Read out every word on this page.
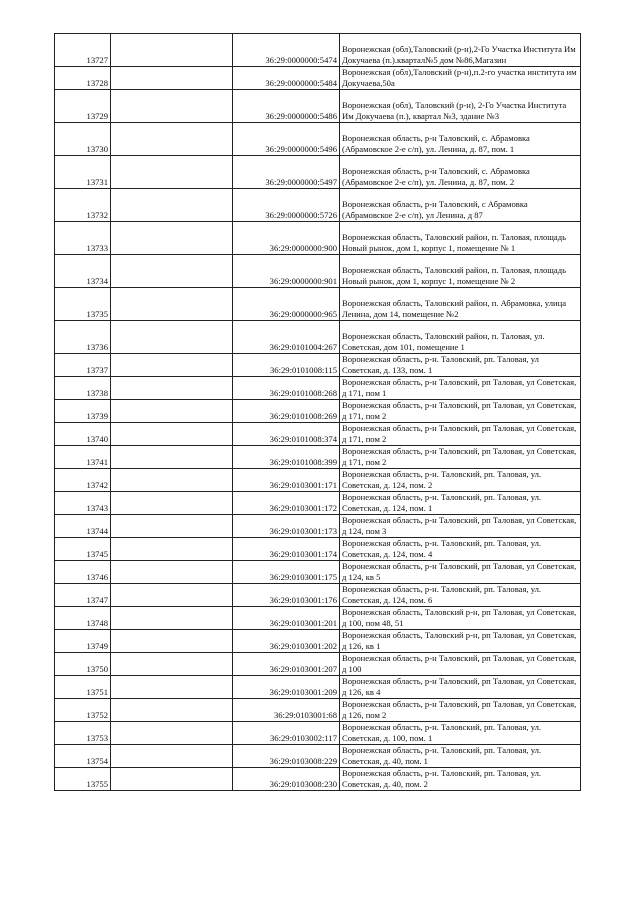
13727		36:29:0000000:5474	Воронежская (обл),Таловский (р-н),2-Го Участка Института Им Докучаева (п.).квартал№5 дом №86,Магазин
13728		36:29:0000000:5484	Воронежская (обл),Таловский (р-н),п.2-го участка института им Докучаева,50а
13729		36:29:0000000:5486	Воронежская (обл), Таловский (р-н), 2-Го Участка Института Им Докучаева (п.), квартал №3, здание №3
13730		36:29:0000000:5496	Воронежская область, р-н Таловский, с. Абрамовка (Абрамовское 2-е с/п), ул. Ленина, д. 87, пом. 1
13731		36:29:0000000:5497	Воронежская область, р-н Таловский, с. Абрамовка (Абрамовское 2-е с/п), ул. Ленина, д. 87, пом. 2
13732		36:29:0000000:5726	Воронежская область, р-н Таловский, с Абрамовка (Абрамовское 2-е с/п), ул Ленина, д 87
13733		36:29:0000000:900	Воронежская область, Таловский район, п. Таловая, площадь Новый рынок, дом 1, корпус 1, помещение № 1
13734		36:29:0000000:901	Воронежская область, Таловский район, п. Таловая, площадь Новый рынок, дом 1, корпус 1, помещение № 2
13735		36:29:0000000:965	Воронежская область, Таловский район, п. Абрамовка, улица Ленина, дом 14, помещение №2
13736		36:29:0101004:267	Воронежская область, Таловский район, п. Таловая, ул. Советская, дом 101, помещение 1
13737		36:29:0101008:115	Воронежская область, р-н. Таловский, рп. Таловая, ул Советская, д. 133, пом. 1
13738		36:29:0101008:268	Воронежская область, р-н Таловский, рп Таловая, ул Советская, д 171, пом 1
13739		36:29:0101008:269	Воронежская область, р-н Таловский, рп Таловая, ул Советская, д 171, пом 2
13740		36:29:0101008:374	Воронежская область, р-н Таловский, рп Таловая, ул Советская, д 171, пом 2
13741		36:29:0101008:399	Воронежская область, р-н Таловский, рп Таловая, ул Советская, д 171, пом 2
13742		36:29:0103001:171	Воронежская область, р-н. Таловский, рп. Таловая, ул. Советская, д. 124, пом. 2
13743		36:29:0103001:172	Воронежская область, р-н. Таловский, рп. Таловая, ул. Советская, д. 124, пом. 1
13744		36:29:0103001:173	Воронежская область, р-н Таловский, рп Таловая, ул Советская, д 124, пом 3
13745		36:29:0103001:174	Воронежская область, р-н. Таловский, рп. Таловая, ул. Советская, д. 124, пом. 4
13746		36:29:0103001:175	Воронежская область, р-н Таловский, рп Таловая, ул Советская, д 124, кв 5
13747		36:29:0103001:176	Воронежская область, р-н. Таловский, рп. Таловая, ул. Советская, д. 124, пом. 6
13748		36:29:0103001:201	Воронежская область, Таловский р-н, рп Таловая, ул Советская, д 100, пом 48, 51
13749		36:29:0103001:202	Воронежская область, Таловский р-н, рп Таловая, ул Советская, д 126, кв 1
13750		36:29:0103001:207	Воронежская область, р-н Таловский, рп Таловая, ул Советская, д 100
13751		36:29:0103001:209	Воронежская область, р-н Таловский, рп Таловая, ул Советская, д 126, кв 4
13752		36:29:0103001:68	Воронежская область, р-н Таловский, рп Таловая, ул Советская, д 126, пом 2
13753		36:29:0103002:117	Воронежская область, р-н. Таловский, рп. Таловая, ул. Советская, д. 100, пом. 1
13754		36:29:0103008:229	Воронежская область, р-н. Таловский, рп. Таловая, ул. Советская, д. 40, пом. 1
13755		36:29:0103008:230	Воронежская область, р-н. Таловский, рп. Таловая, ул. Советская, д. 40, пом. 2
